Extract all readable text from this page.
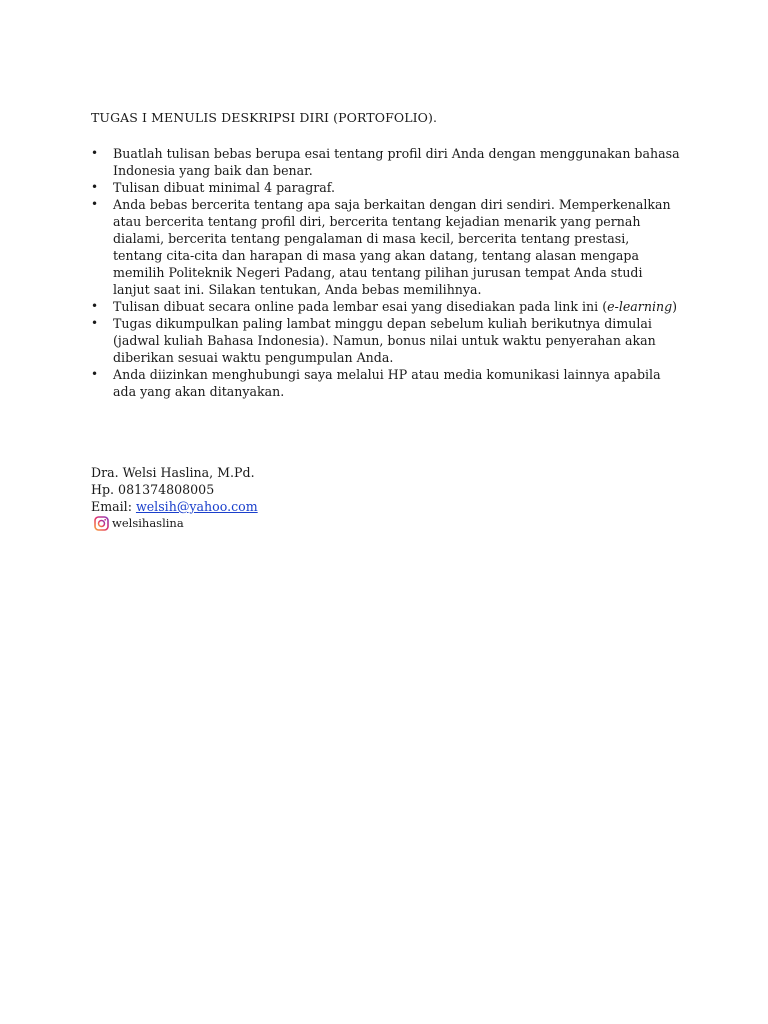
TUGAS I MENULIS DESKRIPSI DIRI (PORTOFOLIO).
• Buatlah tulisan bebas berupa esai tentang profil diri Anda dengan menggunakan bahasa Indonesia yang baik dan benar.
• Tulisan dibuat minimal 4 paragraf.
• Anda bebas bercerita tentang apa saja berkaitan dengan diri sendiri. Memperkenalkan atau bercerita tentang profil diri, bercerita tentang kejadian menarik yang pernah dialami, bercerita tentang pengalaman di masa kecil, bercerita tentang prestasi, tentang cita-cita dan harapan di masa yang akan datang, tentang alasan mengapa memilih Politeknik Negeri Padang, atau tentang pilihan jurusan tempat Anda studi lanjut saat ini. Silakan tentukan, Anda bebas memilihnya.
• Tulisan dibuat secara online pada lembar esai yang disediakan pada link ini (e-learning)
• Tugas dikumpulkan paling lambat minggu depan sebelum kuliah berikutnya dimulai (jadwal kuliah Bahasa Indonesia). Namun, bonus nilai untuk waktu penyerahan akan diberikan sesuai waktu pengumpulan Anda.
• Anda diizinkan menghubungi saya melalui HP atau media komunikasi lainnya apabila ada yang akan ditanyakan.
Dra. Welsi Haslina, M.Pd.
Hp. 081374808005
Email: welsih@yahoo.com
welsihaslina
